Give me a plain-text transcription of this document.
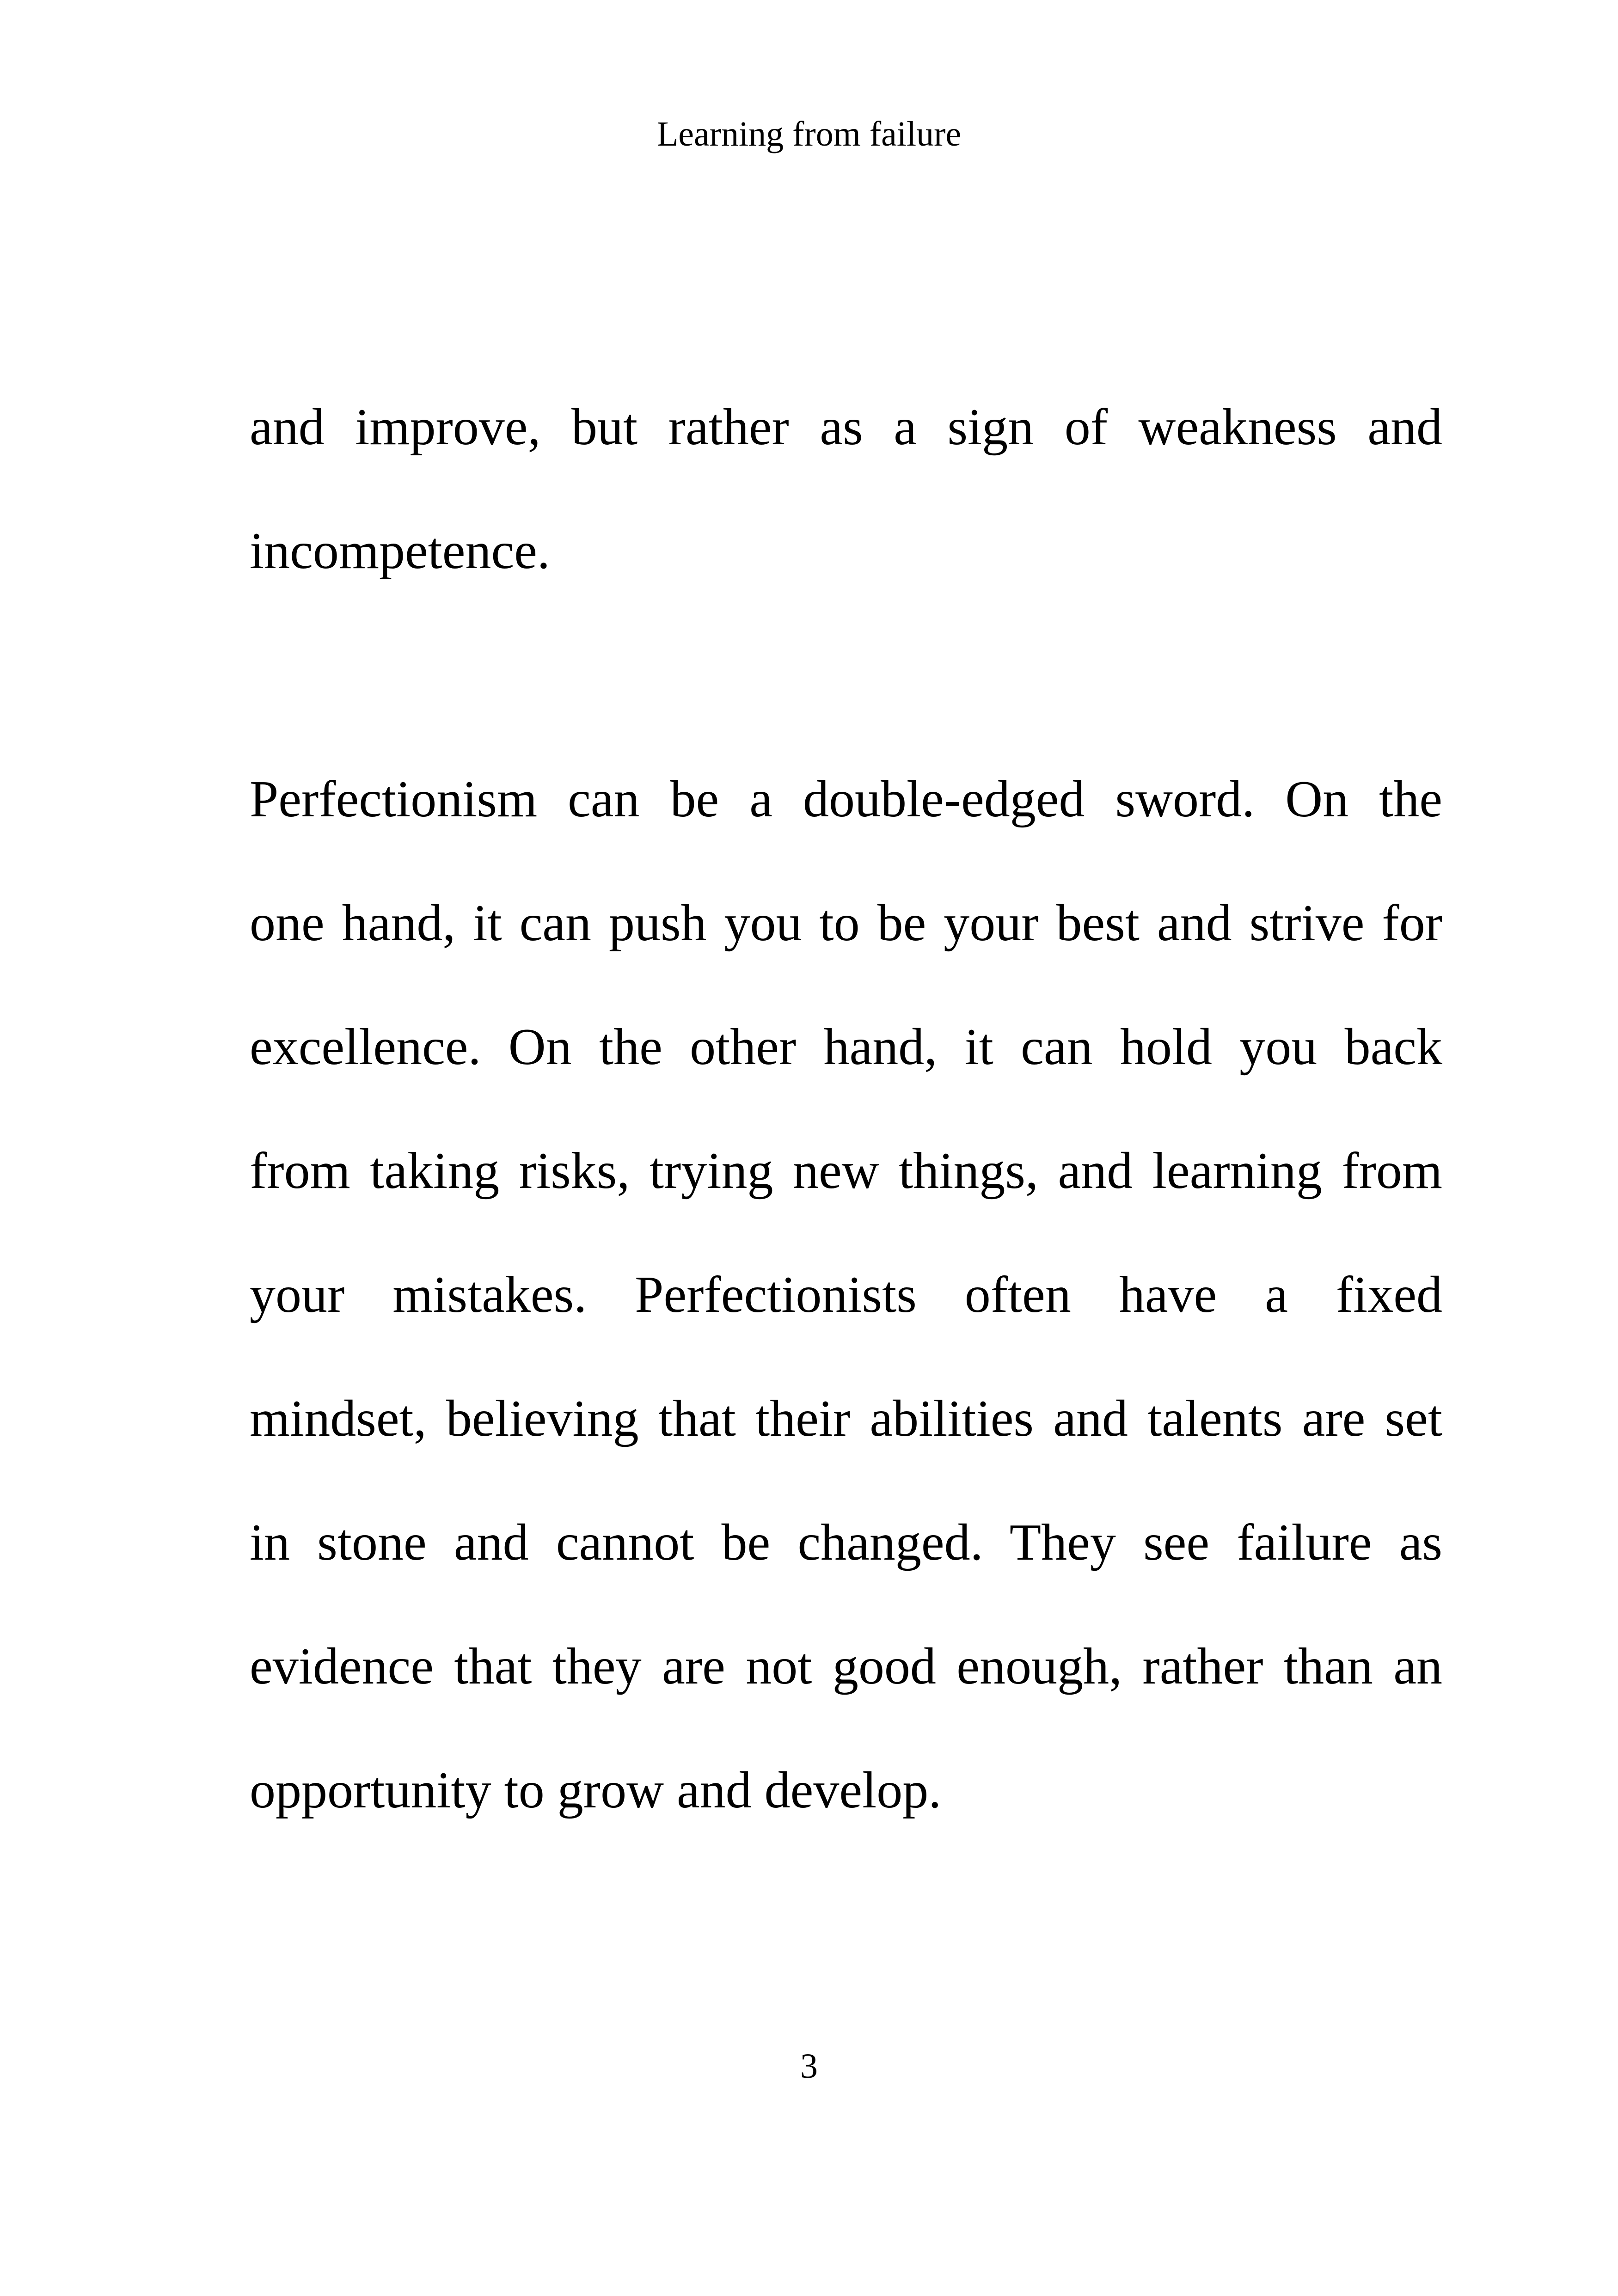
Learning from failure
and improve, but rather as a sign of weakness and
incompetence.
Perfectionism can be a double-edged sword. On the
one hand, it can push you to be your best and strive for
excellence. On the other hand, it can hold you back
from taking risks, trying new things, and learning from
your mistakes. Perfectionists often have a fixed
mindset, believing that their abilities and talents are set
in stone and cannot be changed. They see failure as
evidence that they are not good enough, rather than an
opportunity to grow and develop.
3
